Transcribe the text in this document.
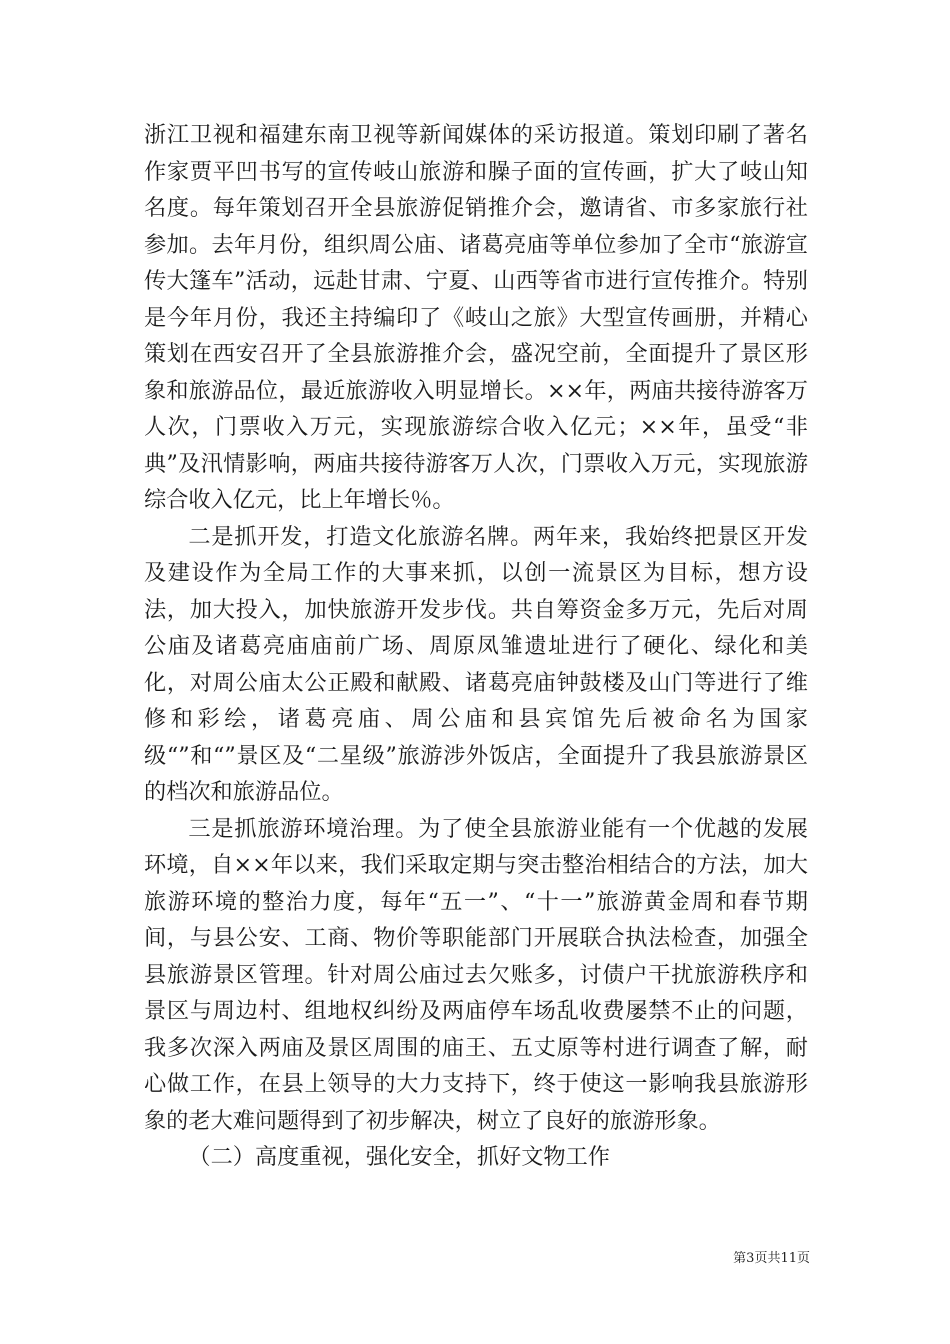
浙江卫视和福建东南卫视等新闻媒体的采访报道。策划印刷了著名作家贾平凹书写的宣传岐山旅游和臊子面的宣传画，扩大了岐山知名度。每年策划召开全县旅游促销推介会，邀请省、市多家旅行社参加。去年月份，组织周公庙、诸葛亮庙等单位参加了全市“旅游宣传大篷车”活动，远赴甘肃、宁夏、山西等省市进行宣传推介。特别是今年月份，我还主持编印了《岐山之旅》大型宣传画册，并精心策划在西安召开了全县旅游推介会，盛况空前，全面提升了景区形象和旅游品位，最近旅游收入明显增长。××年，两庙共接待游客万人次，门票收入万元，实现旅游综合收入亿元；××年，虽受“非典”及汛情影响，两庙共接待游客万人次，门票收入万元，实现旅游综合收入亿元，比上年增长％。

二是抓开发，打造文化旅游名牌。两年来，我始终把景区开发及建设作为全局工作的大事来抓，以创一流景区为目标，想方设法，加大投入，加快旅游开发步伐。共自筹资金多万元，先后对周公庙及诸葛亮庙庙前广场、周原凤雏遗址进行了硬化、绿化和美化，对周公庙太公正殿和献殿、诸葛亮庙钟鼓楼及山门等进行了维修和彩绘，诸葛亮庙、周公庙和县宾馆先后被命名为国家级“”和“”景区及“二星级”旅游涉外饭店，全面提升了我县旅游景区的档次和旅游品位。

三是抓旅游环境治理。为了使全县旅游业能有一个优越的发展环境，自××年以来，我们采取定期与突击整治相结合的方法，加大旅游环境的整治力度，每年“五一”、“十一”旅游黄金周和春节期间，与县公安、工商、物价等职能部门开展联合执法检查，加强全县旅游景区管理。针对周公庙过去欠账多，讨债户干扰旅游秩序和景区与周边村、组地权纠纷及两庙停车场乱收费屡禁不止的问题，我多次深入两庙及景区周围的庙王、五丈原等村进行调查了解，耐心做工作，在县上领导的大力支持下，终于使这一影响我县旅游形象的老大难问题得到了初步解决，树立了良好的旅游形象。

（二）高度重视，强化安全，抓好文物工作

第3页共11页
